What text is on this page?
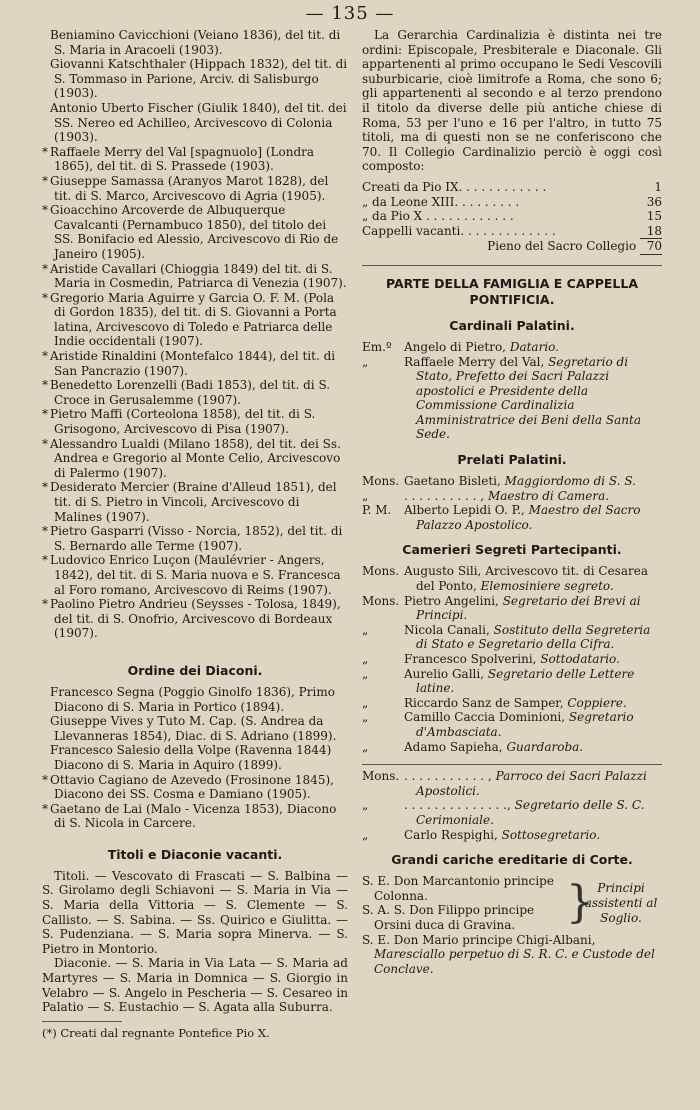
— 135 —

Beniamino Cavicchioni (Veiano 1836), del tit. di S. Maria in Aracoeli (1903).

Giovanni Katschthaler (Hippach 1832), del tit. di S. Tommaso in Parione, Arciv. di Salisburgo (1903).

Antonio Uberto Fischer (Giulik 1840), del tit. dei SS. Nereo ed Achilleo, Arcivescovo di Colonia (1903).

* Raffaele Merry del Val [spagnuolo] (Londra 1865), del tit. di S. Prassede (1903).

* Giuseppe Samassa (Aranyos Marot 1828), del tit. di S. Marco, Arcivescovo di Agria (1905).

* Gioacchino Arcoverde de Albuquerque Cavalcanti (Pernambuco 1850), del titolo dei SS. Bonifacio ed Alessio, Arcivescovo di Rio de Janeiro (1905).

* Aristide Cavallari (Chioggia 1849) del tit. di S. Maria in Cosmedin, Patriarca di Venezia (1907).

* Gregorio Maria Aguirre y Garcia O. F. M. (Pola di Gordon 1835), del tit. di S. Giovanni a Porta latina, Arcivescovo di Toledo e Patriarca delle Indie occidentali (1907).

* Aristide Rinaldini (Montefalco 1844), del tit. di San Pancrazio (1907).

* Benedetto Lorenzelli (Badi 1853), del tit. di S. Croce in Gerusalemme (1907).

* Pietro Maffi (Corteolona 1858), del tit. di S. Grisogono, Arcivescovo di Pisa (1907).

* Alessandro Lualdi (Milano 1858), del tit. dei Ss. Andrea e Gregorio al Monte Celio, Arcivescovo di Palermo (1907).

* Desiderato Mercier (Braine d'Alleud 1851), del tit. di S. Pietro in Vincoli, Arcivescovo di Malines (1907).

* Pietro Gasparri (Visso - Norcia, 1852), del tit. di S. Bernardo alle Terme (1907).

* Ludovico Enrico Luçon (Maulévrier - Angers, 1842), del tit. di S. Maria nuova e S. Francesca al Foro romano, Arcivescovo di Reims (1907).

* Paolino Pietro Andrieu (Seysses - Tolosa, 1849), del tit. di S. Onofrio, Arcivescovo di Bordeaux (1907).

Ordine dei Diaconi.

Francesco Segna (Poggio Ginolfo 1836), Primo Diacono di S. Maria in Portico (1894).

Giuseppe Vives y Tuto M. Cap. (S. Andrea da Llevanneras 1854), Diac. di S. Adriano (1899).

Francesco Salesio della Volpe (Ravenna 1844) Diacono di S. Maria in Aquiro (1899).

* Ottavio Cagiano de Azevedo (Frosinone 1845), Diacono dei SS. Cosma e Damiano (1905).

* Gaetano de Lai (Malo - Vicenza 1853), Diacono di S. Nicola in Carcere.

Titoli e Diaconie vacanti.

Titoli. — Vescovato di Frascati — S. Balbina — S. Girolamo degli Schiavoni — S. Maria in Via — S. Maria della Vittoria — S. Clemente — S. Callisto. — S. Sabina. — Ss. Quirico e Giulitta. — S. Pudenziana. — S. Maria sopra Minerva. — S. Pietro in Montorio.

Diaconie. — S. Maria in Via Lata — S. Maria ad Martyres — S. Maria in Domnica — S. Giorgio in Velabro — S. Angelo in Pescheria — S. Cesareo in Palatio — S. Eustachio — S. Agata alla Suburra.

(*) Creati dal regnante Pontefice Pio X.

La Gerarchia Cardinalizia è distinta nei tre ordini: Episcopale, Presbiterale e Diaconale. Gli appartenenti al primo occupano le Sedi Vescovili suburbicarie, cioè limitrofe a Roma, che sono 6; gli appartenenti al secondo e al terzo prendono il titolo da diverse delle più antiche chiese di Roma, 53 per l'uno e 16 per l'altro, in tutto 75 titoli, ma di questi non se ne conferiscono che 70. Il Collegio Cardinalizio perciò è oggi così composto:

Creati da Pio IX. . . . . . . . . . . .	1
„ da Leone XIII. . . . . . . . .	36
„ da Pio X . . . . . . . . . . . .	15
Cappelli vacanti. . . . . . . . . . . . .	18
Pieno del Sacro Collegio 70
PARTE DELLA FAMIGLIA E CAPPELLA PONTIFICIA.
Cardinali Palatini.
Em.º	Angelo di Pietro, Datario.
„	Raffaele Merry del Val, Segretario di Stato, Prefetto dei Sacri Palazzi apostolici e Presidente della Commissione Cardinalizia Amministratrice dei Beni della Santa Sede.
Prelati Palatini.
Mons. Gaetano Bisleti, Maggiordomo di S. S.
„	. . . . . . . . . . , Maestro di Camera.
P. M.	Alberto Lepidi O. P., Maestro del Sacro Palazzo Apostolico.
Camerieri Segreti Partecipanti.
Mons. Augusto Sili, Arcivescovo tit. di Cesarea del Ponto, Elemosiniere segreto.
Mons. Pietro Angelini, Segretario dei Brevi ai Principi.
„	Nicola Canali, Sostituto della Segreteria di Stato e Segretario della Cifra.
„	Francesco Spolverini, Sottodatario.
„	Aurelio Galli, Segretario delle Lettere latine.
„	Riccardo Sanz de Samper, Coppiere.
„	Camillo Caccia Dominioni, Segretario d'Ambasciata.
„	Adamo Sapieha, Guardaroba.
Mons. . . . . . . . . . . . , Parroco dei Sacri Palazzi Apostolici.
„	. . . . . . . . . . . . . ., Segretario delle S. C. Cerimoniale.
„	Carlo Respighi, Sottosegretario.
Grandi cariche ereditarie di Corte.

S. E. Don Marcantonio principe Colonna.

S. A. S. Don Filippo principe Orsini duca di Gravina.	} Principi assistenti al Soglio.

S. E. Don Mario principe Chigi-Albani, Maresciallo perpetuo di S. R. C. e Custode del Conclave.
